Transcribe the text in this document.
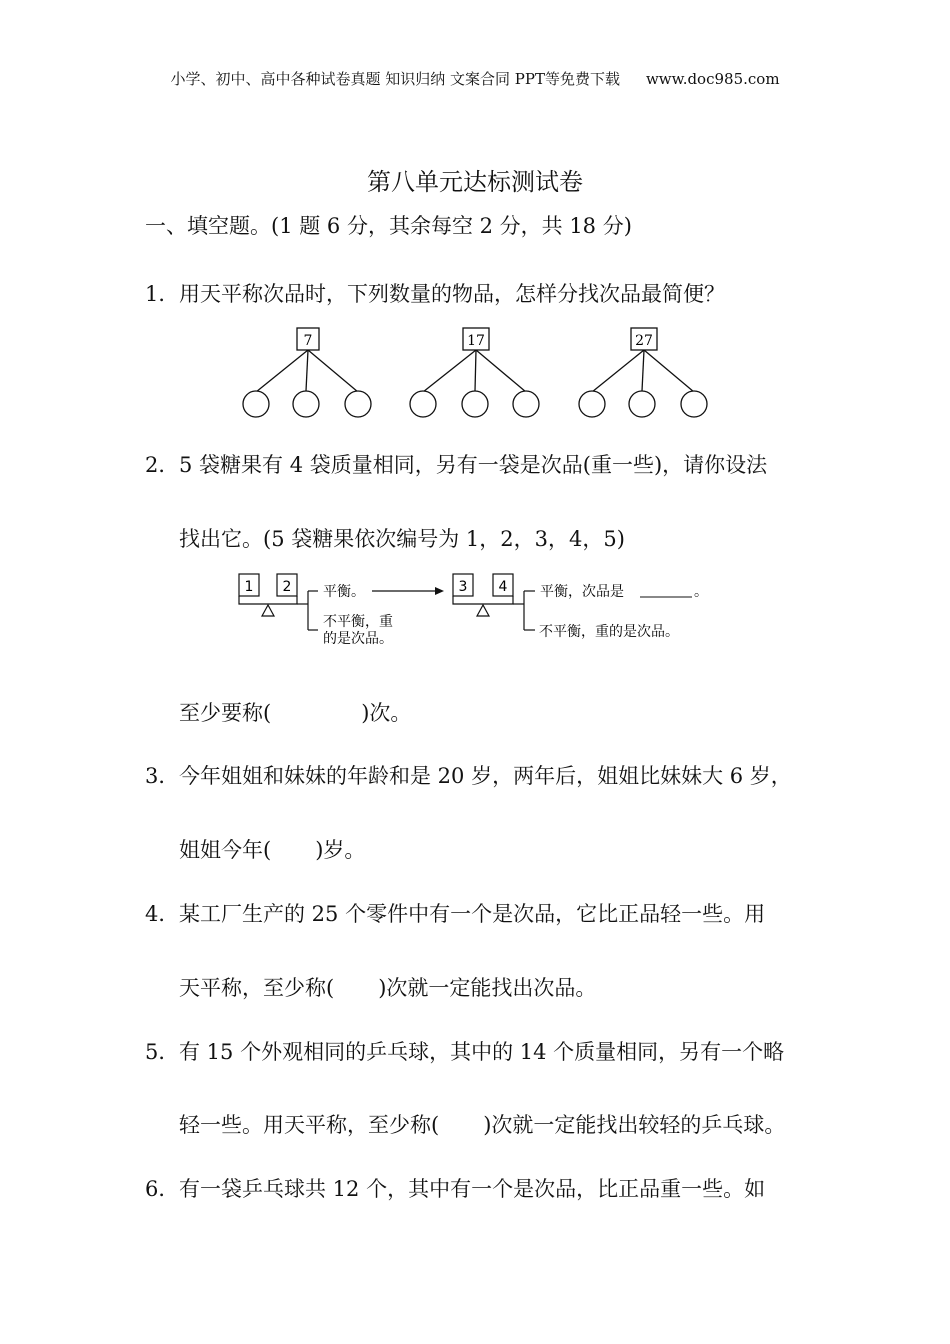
小学、初中、高中各种试卷真题 知识归纳 文案合同 PPT等免费下载 www.doc985.com
第八单元达标测试卷
一、填空题。(1 题 6 分，其余每空 2 分，共 18 分)
1．用天平称次品时，下列数量的物品，怎样分找次品最简便？
7	17	27
2．5 袋糖果有 4 袋质量相同，另有一袋是次品(重一些)，请你设法
找出它。(5 袋糖果依次编号为 1，2，3，4，5)
1 2 平衡。
不平衡，重
的是次品。
3 4 平衡，次品是	。
不平衡，重的是次品。
至少要称(	)次。
3．今年姐姐和妹妹的年龄和是 20 岁，两年后，姐姐比妹妹大 6 岁，
姐姐今年( )岁。
4．某工厂生产的 25 个零件中有一个是次品，它比正品轻一些。用
天平称，至少称( )次就一定能找出次品。
5．有 15 个外观相同的乒乓球，其中的 14 个质量相同，另有一个略
轻一些。用天平称，至少称( )次就一定能找出较轻的乒乓球。
6．有一袋乒乓球共 12 个，其中有一个是次品，比正品重一些。如
